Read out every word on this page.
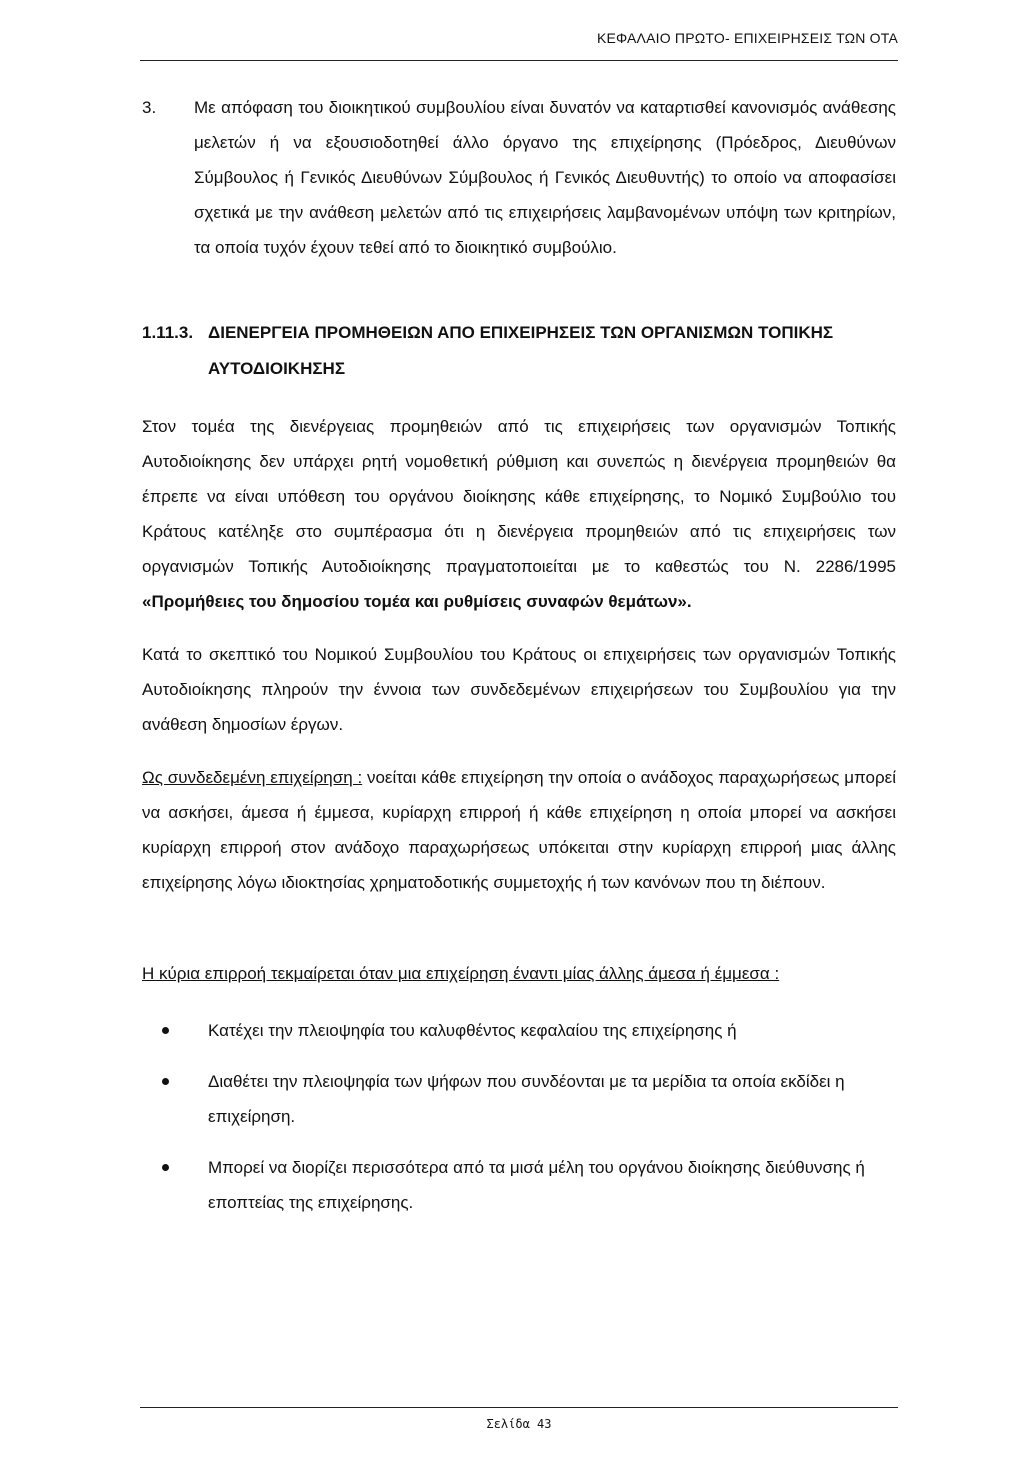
ΚΕΦΑΛΑΙΟ ΠΡΩΤΟ- ΕΠΙΧΕΙΡΗΣΕΙΣ ΤΩΝ ΟΤΑ
3.	Με απόφαση του διοικητικού συμβουλίου είναι δυνατόν να καταρτισθεί κανονισμός ανάθεσης μελετών ή να εξουσιοδοτηθεί άλλο όργανο της επιχείρησης (Πρόεδρος, Διευθύνων Σύμβουλος ή Γενικός Διευθύνων Σύμβουλος ή Γενικός Διευθυντής) το οποίο να αποφασίσει σχετικά με την ανάθεση μελετών από τις επιχειρήσεις λαμβανομένων υπόψη των κριτηρίων, τα οποία τυχόν έχουν τεθεί από το διοικητικό συμβούλιο.
1.11.3. ΔΙΕΝΕΡΓΕΙΑ ΠΡΟΜΗΘΕΙΩΝ ΑΠΟ ΕΠΙΧΕΙΡΗΣΕΙΣ ΤΩΝ ΟΡΓΑΝΙΣΜΩΝ ΤΟΠΙΚΗΣ ΑΥΤΟΔΙΟΙΚΗΣΗΣ

Στον τομέα της διενέργειας προμηθειών από τις επιχειρήσεις των οργανισμών Τοπικής Αυτοδιοίκησης δεν υπάρχει ρητή νομοθετική ρύθμιση και συνεπώς η διενέργεια προμηθειών θα έπρεπε να είναι υπόθεση του οργάνου διοίκησης κάθε επιχείρησης, το Νομικό Συμβούλιο του Κράτους κατέληξε στο συμπέρασμα ότι η διενέργεια προμηθειών από τις επιχειρήσεις των οργανισμών Τοπικής Αυτοδιοίκησης πραγματοποιείται με το καθεστώς του Ν. 2286/1995 «Προμήθειες του δημοσίου τομέα και ρυθμίσεις συναφών θεμάτων».

Κατά το σκεπτικό του Νομικού Συμβουλίου του Κράτους οι επιχειρήσεις των οργανισμών Τοπικής Αυτοδιοίκησης πληρούν την έννοια των συνδεδεμένων επιχειρήσεων του Συμβουλίου για την ανάθεση δημοσίων έργων.

Ως συνδεδεμένη επιχείρηση : νοείται κάθε επιχείρηση την οποία ο ανάδοχος παραχωρήσεως μπορεί να ασκήσει, άμεσα ή έμμεσα, κυρίαρχη επιρροή ή κάθε επιχείρηση η οποία μπορεί να ασκήσει κυρίαρχη επιρροή στον ανάδοχο παραχωρήσεως υπόκειται στην κυρίαρχη επιρροή μιας άλλης επιχείρησης λόγω ιδιοκτησίας χρηματοδοτικής συμμετοχής ή των κανόνων που τη διέπουν.

Η κύρια επιρροή τεκμαίρεται όταν μια επιχείρηση έναντι μίας άλλης άμεσα ή έμμεσα :

Κατέχει την πλειοψηφία του καλυφθέντος κεφαλαίου της επιχείρησης ή
Διαθέτει την πλειοψηφία των ψήφων που συνδέονται με τα μερίδια τα οποία εκδίδει η επιχείρηση.
Μπορεί να διορίζει περισσότερα από τα μισά μέλη του οργάνου διοίκησης διεύθυνσης ή εποπτείας της επιχείρησης.
Σελίδα 43
